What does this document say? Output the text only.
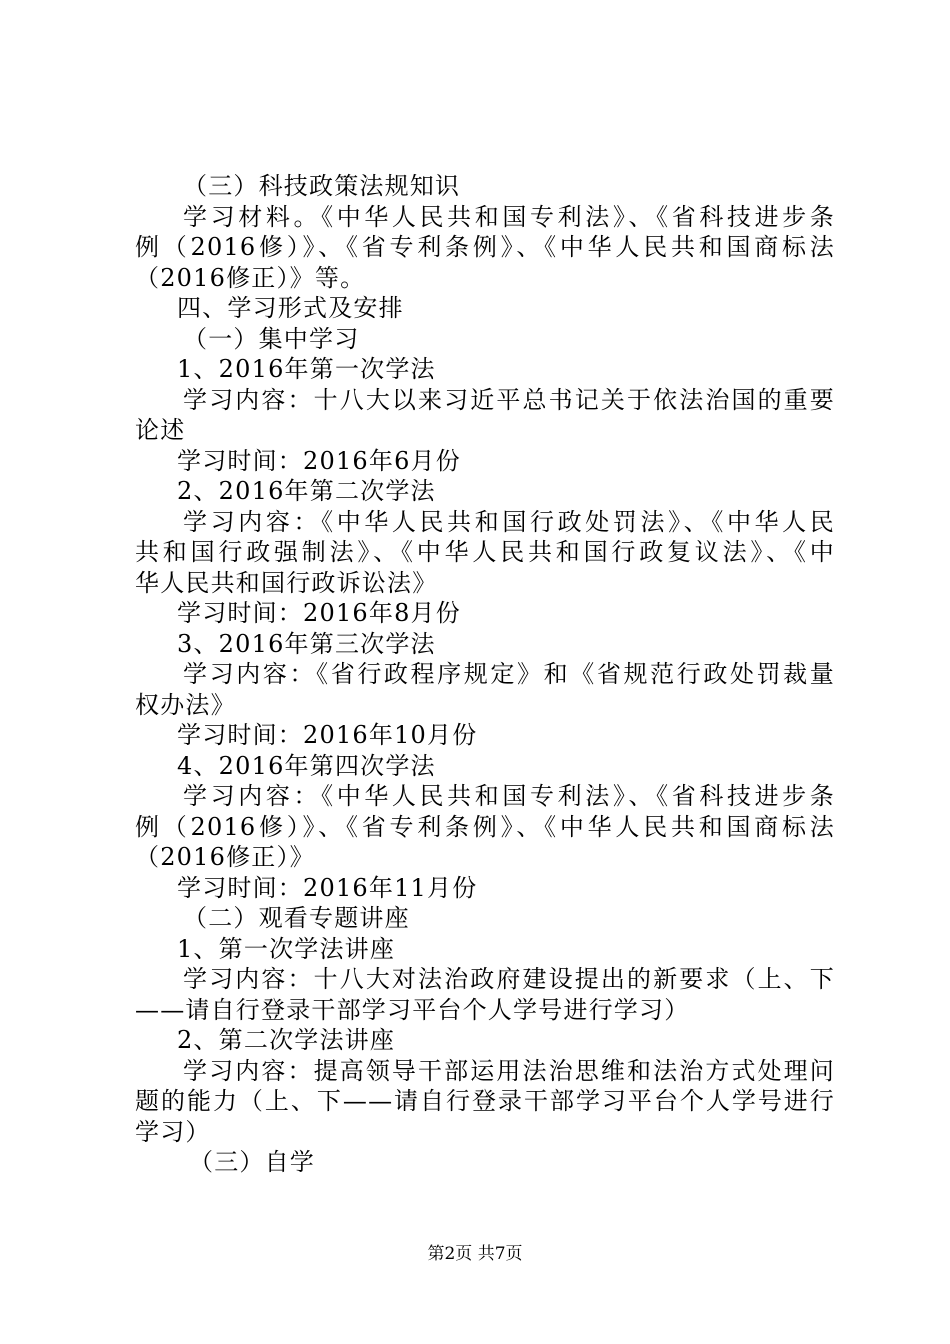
（三）科技政策法规知识
学习材料。《中华人民共和国专利法》、《省科技进步条
例（2016修）》、《省专利条例》、《中华人民共和国商标法
（2016修正）》等。
四、学习形式及安排
（一）集中学习
1、2016年第一次学法
学习内容：十八大以来习近平总书记关于依法治国的重要
论述
学习时间：2016年6月份
2、2016年第二次学法
学习内容：《中华人民共和国行政处罚法》、《中华人民
共和国行政强制法》、《中华人民共和国行政复议法》、《中
华人民共和国行政诉讼法》
学习时间：2016年8月份
3、2016年第三次学法
学习内容：《省行政程序规定》和《省规范行政处罚裁量
权办法》
学习时间：2016年10月份
4、2016年第四次学法
学习内容：《中华人民共和国专利法》、《省科技进步条
例（2016修）》、《省专利条例》、《中华人民共和国商标法
（2016修正）》
学习时间：2016年11月份
（二）观看专题讲座
1、第一次学法讲座
学习内容：十八大对法治政府建设提出的新要求（上、下
——请自行登录干部学习平台个人学号进行学习）
2、第二次学法讲座
学习内容：提高领导干部运用法治思维和法治方式处理问
题的能力（上、下——请自行登录干部学习平台个人学号进行
学习）
（三）自学
第2页 共7页
